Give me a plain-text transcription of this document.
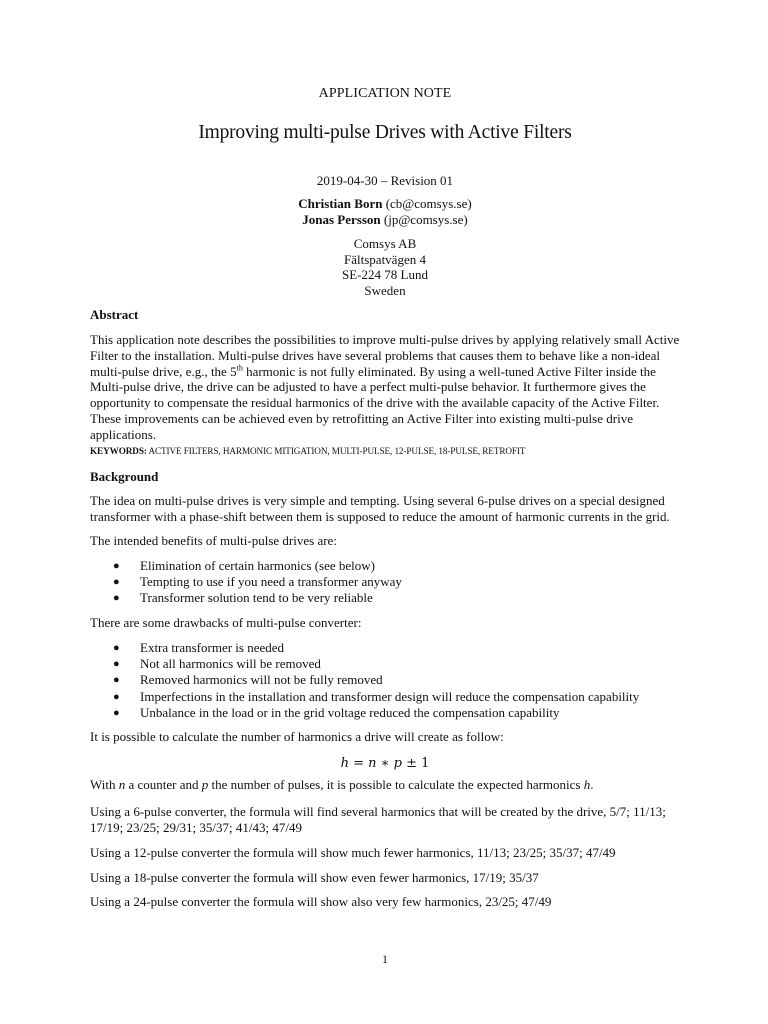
APPLICATION NOTE
Improving multi-pulse Drives with Active Filters
2019-04-30 – Revision 01
Christian Born (cb@comsys.se)
Jonas Persson (jp@comsys.se)
Comsys AB
Fältspatvägen 4
SE-224 78 Lund
Sweden
Abstract
This application note describes the possibilities to improve multi-pulse drives by applying relatively small Active Filter to the installation. Multi-pulse drives have several problems that causes them to behave like a non-ideal multi-pulse drive, e.g., the 5th harmonic is not fully eliminated. By using a well-tuned Active Filter inside the Multi-pulse drive, the drive can be adjusted to have a perfect multi-pulse behavior. It furthermore gives the opportunity to compensate the residual harmonics of the drive with the available capacity of the Active Filter. These improvements can be achieved even by retrofitting an Active Filter into existing multi-pulse drive applications.
KEYWORDS: ACTIVE FILTERS, HARMONIC MITIGATION, MULTI-PULSE, 12-PULSE, 18-PULSE, RETROFIT
Background
The idea on multi-pulse drives is very simple and tempting. Using several 6-pulse drives on a special designed transformer with a phase-shift between them is supposed to reduce the amount of harmonic currents in the grid.
The intended benefits of multi-pulse drives are:
● Elimination of certain harmonics (see below)
● Tempting to use if you need a transformer anyway
● Transformer solution tend to be very reliable
There are some drawbacks of multi-pulse converter:
● Extra transformer is needed
● Not all harmonics will be removed
● Removed harmonics will not be fully removed
● Imperfections in the installation and transformer design will reduce the compensation capability
● Unbalance in the load or in the grid voltage reduced the compensation capability
It is possible to calculate the number of harmonics a drive will create as follow:
h = n ∗ p ± 1
With n a counter and p the number of pulses, it is possible to calculate the expected harmonics h.
Using a 6-pulse converter, the formula will find several harmonics that will be created by the drive, 5/7; 11/13; 17/19; 23/25; 29/31; 35/37; 41/43; 47/49
Using a 12-pulse converter the formula will show much fewer harmonics, 11/13; 23/25; 35/37; 47/49
Using a 18-pulse converter the formula will show even fewer harmonics, 17/19; 35/37
Using a 24-pulse converter the formula will show also very few harmonics, 23/25; 47/49
1
